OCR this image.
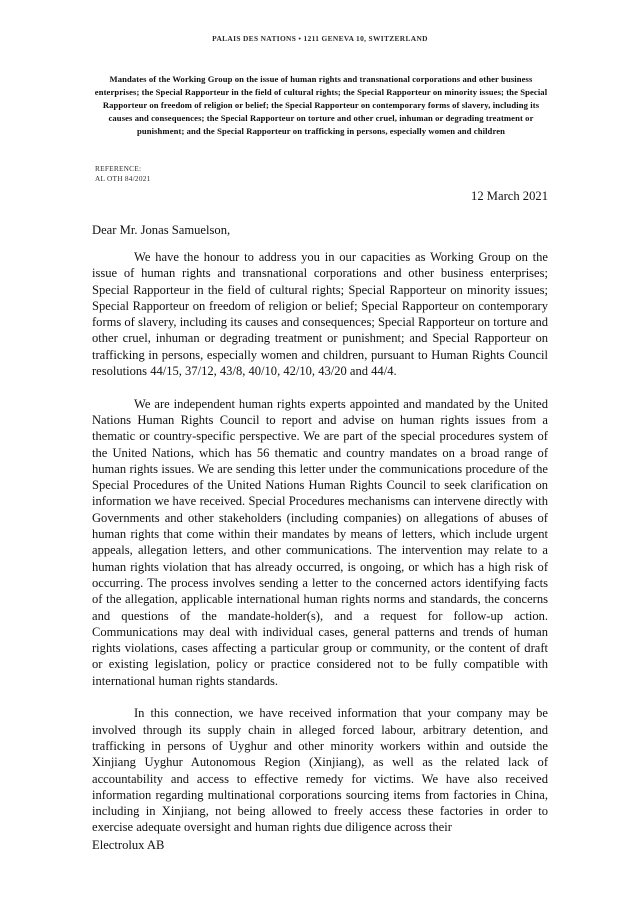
PALAIS DES NATIONS • 1211 GENEVA 10, SWITZERLAND
Mandates of the Working Group on the issue of human rights and transnational corporations and other business enterprises; the Special Rapporteur in the field of cultural rights; the Special Rapporteur on minority issues; the Special Rapporteur on freedom of religion or belief; the Special Rapporteur on contemporary forms of slavery, including its causes and consequences; the Special Rapporteur on torture and other cruel, inhuman or degrading treatment or punishment; and the Special Rapporteur on trafficking in persons, especially women and children
REFERENCE:
AL OTH 84/2021
12 March 2021
Dear Mr. Jonas Samuelson,

We have the honour to address you in our capacities as Working Group on the issue of human rights and transnational corporations and other business enterprises; Special Rapporteur in the field of cultural rights; Special Rapporteur on minority issues; Special Rapporteur on freedom of religion or belief; Special Rapporteur on contemporary forms of slavery, including its causes and consequences; Special Rapporteur on torture and other cruel, inhuman or degrading treatment or punishment; and Special Rapporteur on trafficking in persons, especially women and children, pursuant to Human Rights Council resolutions 44/15, 37/12, 43/8, 40/10, 42/10, 43/20 and 44/4.

We are independent human rights experts appointed and mandated by the United Nations Human Rights Council to report and advise on human rights issues from a thematic or country-specific perspective. We are part of the special procedures system of the United Nations, which has 56 thematic and country mandates on a broad range of human rights issues. We are sending this letter under the communications procedure of the Special Procedures of the United Nations Human Rights Council to seek clarification on information we have received. Special Procedures mechanisms can intervene directly with Governments and other stakeholders (including companies) on allegations of abuses of human rights that come within their mandates by means of letters, which include urgent appeals, allegation letters, and other communications. The intervention may relate to a human rights violation that has already occurred, is ongoing, or which has a high risk of occurring. The process involves sending a letter to the concerned actors identifying facts of the allegation, applicable international human rights norms and standards, the concerns and questions of the mandate-holder(s), and a request for follow-up action. Communications may deal with individual cases, general patterns and trends of human rights violations, cases affecting a particular group or community, or the content of draft or existing legislation, policy or practice considered not to be fully compatible with international human rights standards.

In this connection, we have received information that your company may be involved through its supply chain in alleged forced labour, arbitrary detention, and trafficking in persons of Uyghur and other minority workers within and outside the Xinjiang Uyghur Autonomous Region (Xinjiang), as well as the related lack of accountability and access to effective remedy for victims. We have also received information regarding multinational corporations sourcing items from factories in China, including in Xinjiang, not being allowed to freely access these factories in order to exercise adequate oversight and human rights due diligence across their

Electrolux AB
